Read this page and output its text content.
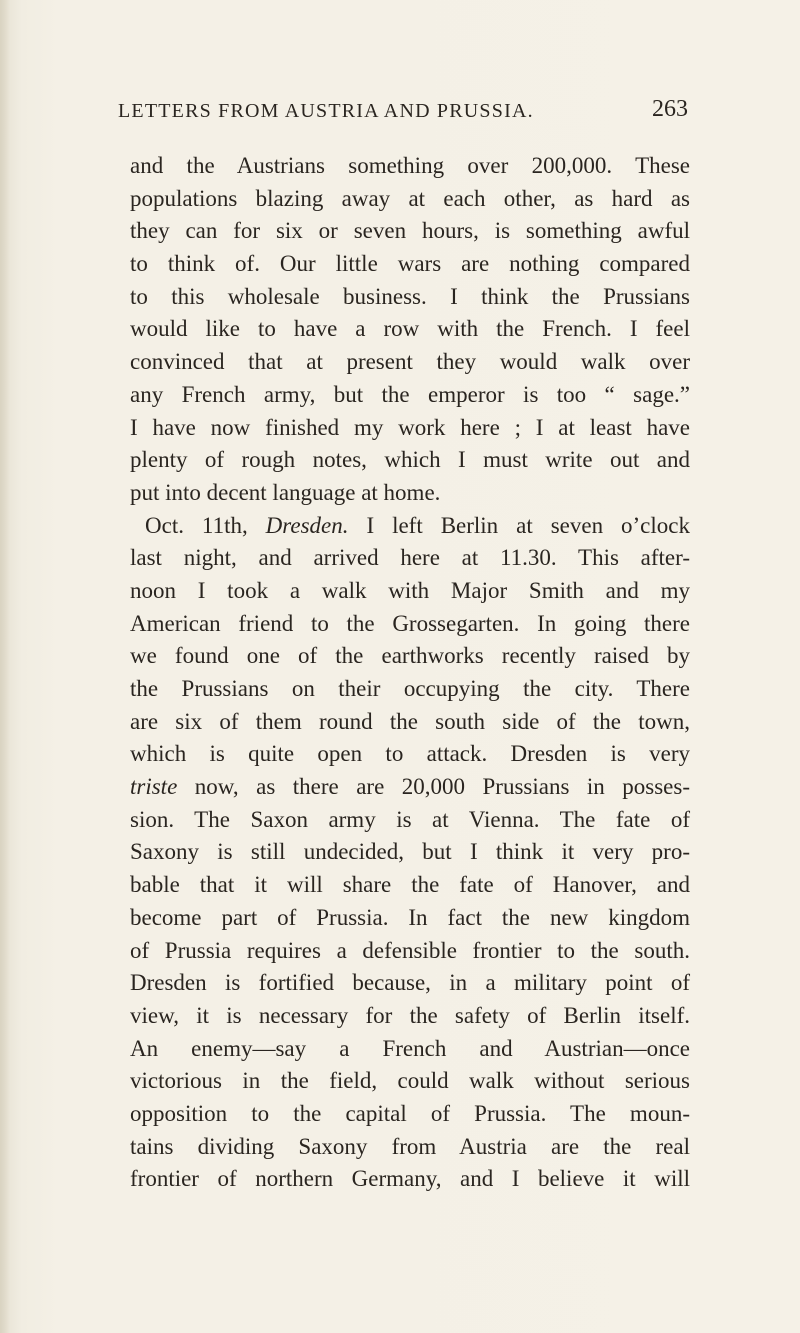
LETTERS FROM AUSTRIA AND PRUSSIA.	263
and the Austrians something over 200,000. These
populations blazing away at each other, as hard as
they can for six or seven hours, is something awful
to think of. Our little wars are nothing compared
to this wholesale business. I think the Prussians
would like to have a row with the French. I feel
convinced that at present they would walk over
any French army, but the emperor is too “ sage.”
I have now finished my work here ; I at least have
plenty of rough notes, which I must write out and
put into decent language at home.
Oct. 11th, Dresden. I left Berlin at seven o’clock
last night, and arrived here at 11.30. This after-
noon I took a walk with Major Smith and my
American friend to the Grossegarten. In going there
we found one of the earthworks recently raised by
the Prussians on their occupying the city. There
are six of them round the south side of the town,
which is quite open to attack. Dresden is very
triste now, as there are 20,000 Prussians in posses-
sion. The Saxon army is at Vienna. The fate of
Saxony is still undecided, but I think it very pro-
bable that it will share the fate of Hanover, and
become part of Prussia. In fact the new kingdom
of Prussia requires a defensible frontier to the south.
Dresden is fortified because, in a military point of
view, it is necessary for the safety of Berlin itself.
An enemy—say a French and Austrian—once
victorious in the field, could walk without serious
opposition to the capital of Prussia. The moun-
tains dividing Saxony from Austria are the real
frontier of northern Germany, and I believe it will
